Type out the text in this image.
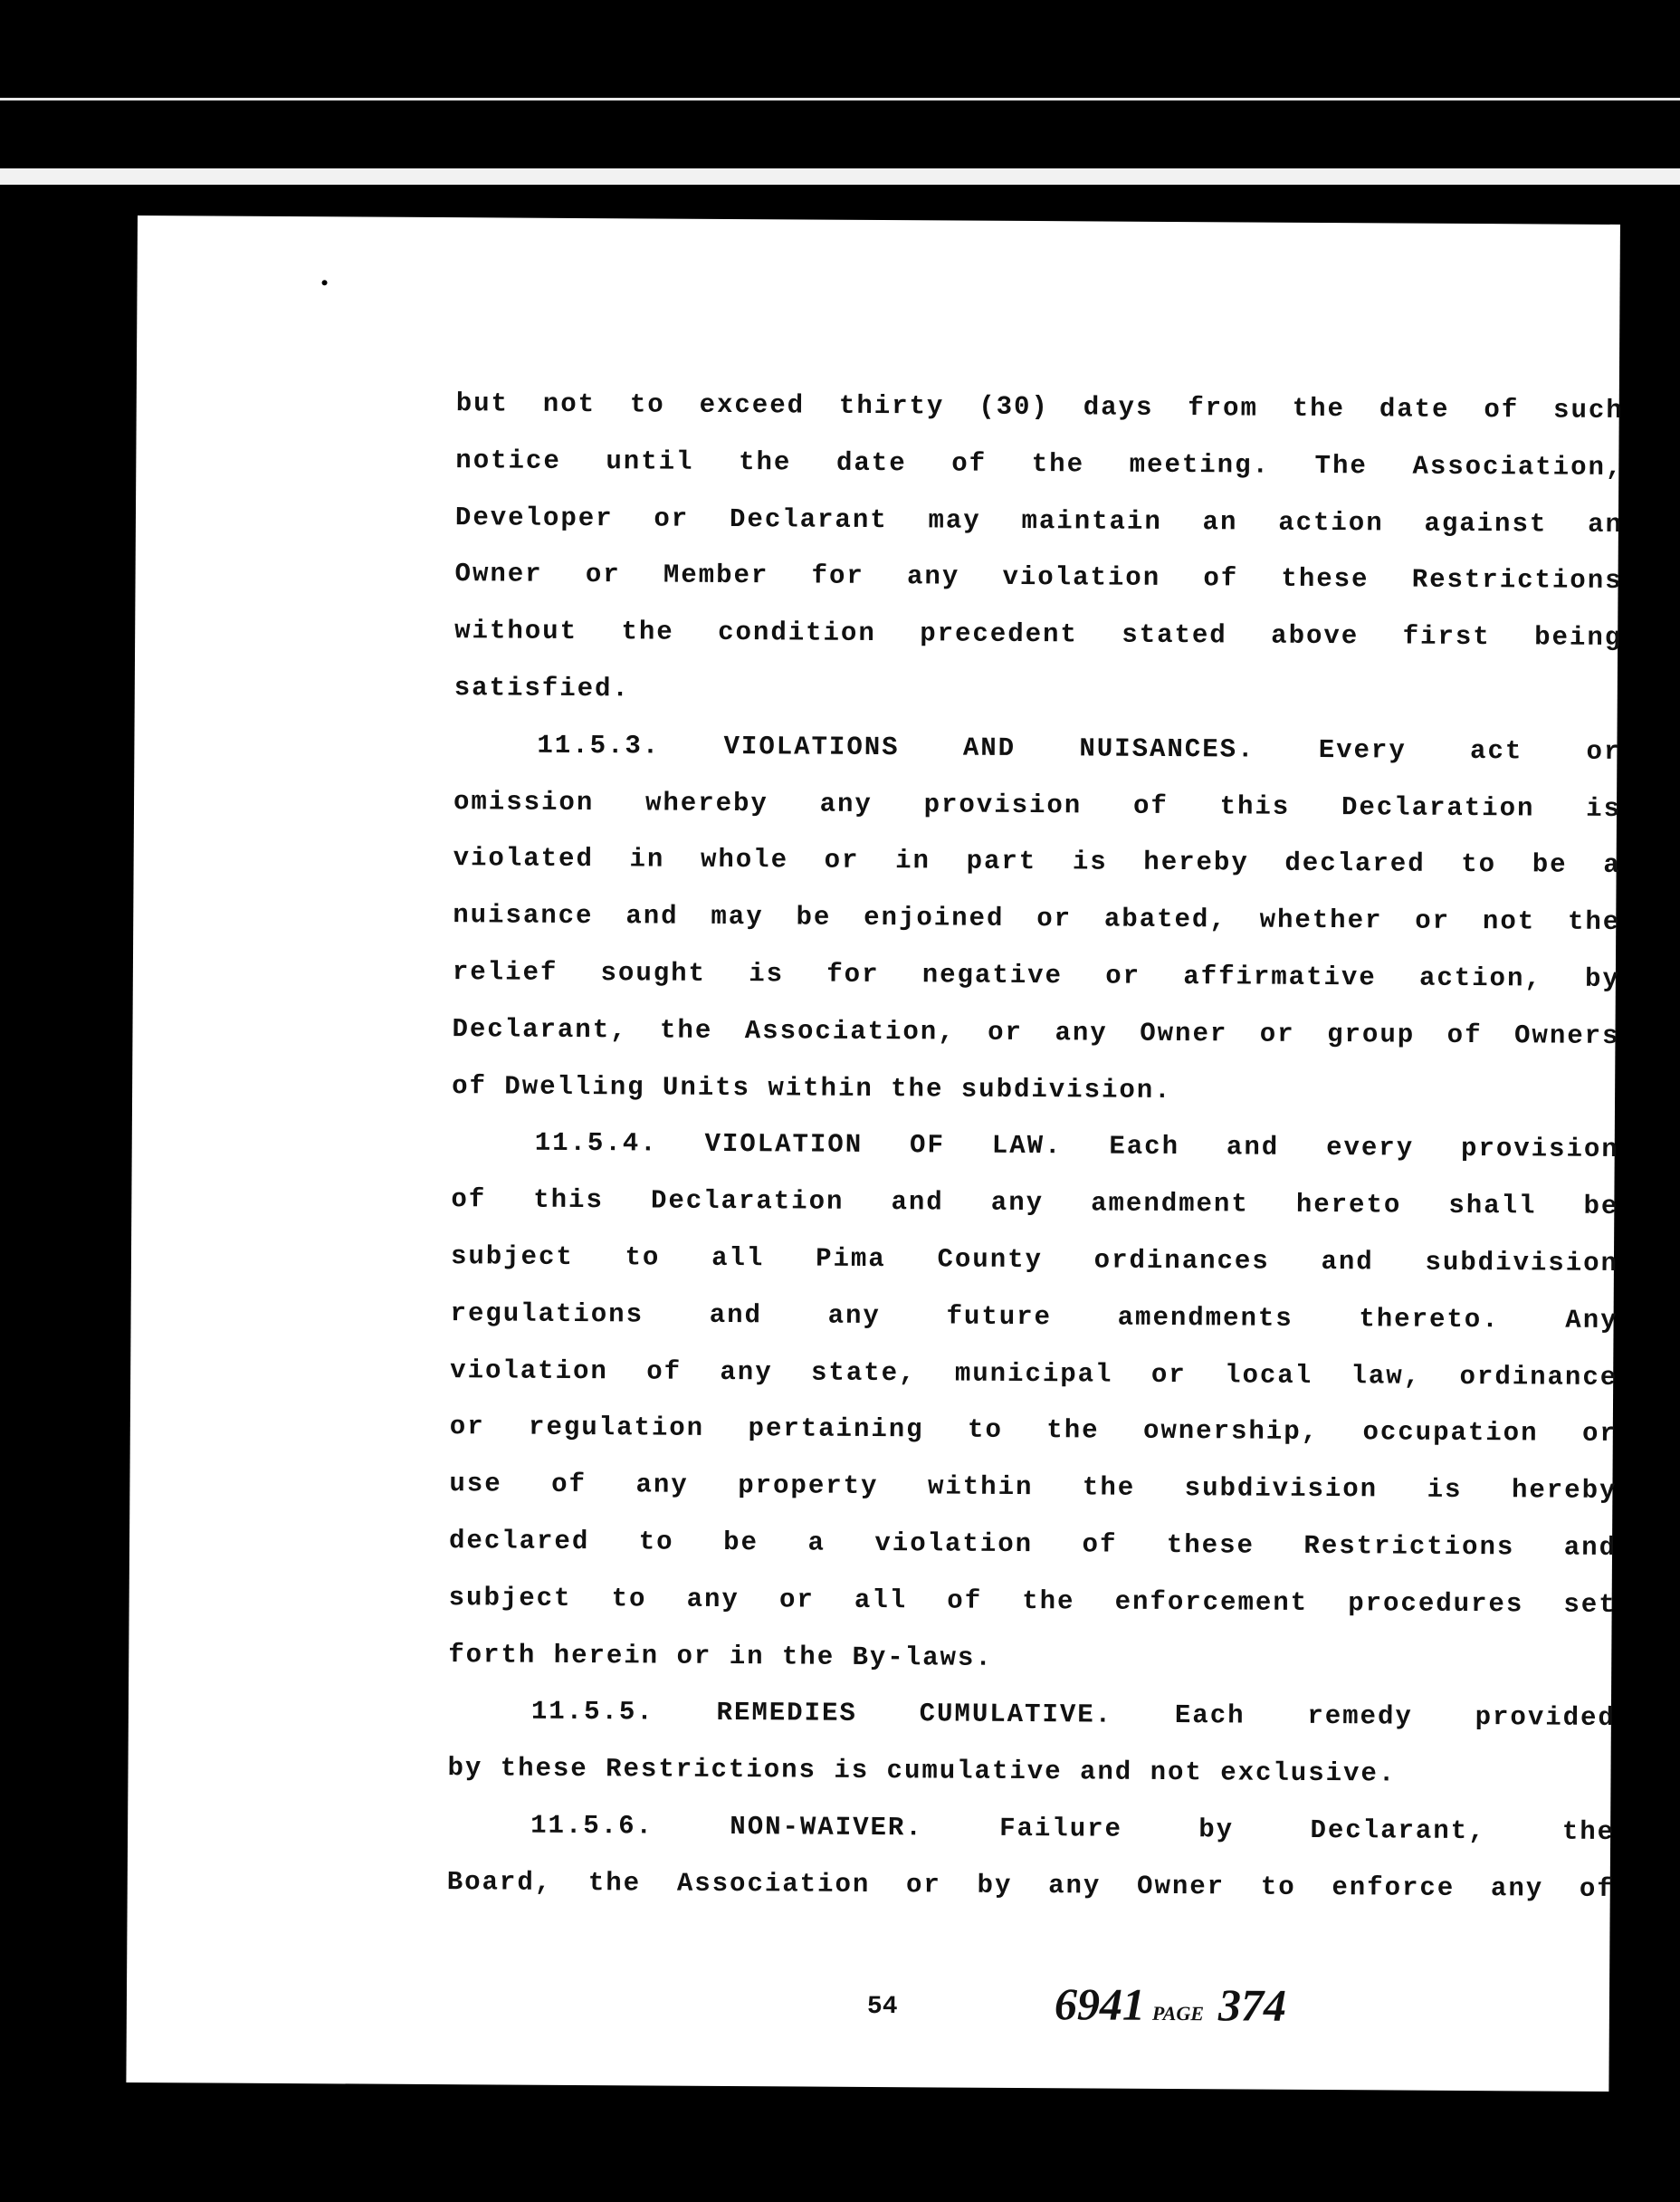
but not to exceed thirty (30) days from the date of such
notice until the date of the meeting. The Association,
Developer or Declarant may maintain an action against an
Owner or Member for any violation of these Restrictions
without the condition precedent stated above first being
satisfied.
11.5.3. VIOLATIONS AND NUISANCES. Every act or
omission whereby any provision of this Declaration is
violated in whole or in part is hereby declared to be a
nuisance and may be enjoined or abated, whether or not the
relief sought is for negative or affirmative action, by
Declarant, the Association, or any Owner or group of Owners
of Dwelling Units within the subdivision.
11.5.4. VIOLATION OF LAW. Each and every provision
of this Declaration and any amendment hereto shall be
subject to all Pima County ordinances and subdivision
regulations and any future amendments thereto. Any
violation of any state, municipal or local law, ordinance
or regulation pertaining to the ownership, occupation or
use of any property within the subdivision is hereby
declared to be a violation of these Restrictions and
subject to any or all of the enforcement procedures set
forth herein or in the By-laws.
11.5.5. REMEDIES CUMULATIVE. Each remedy provided
by these Restrictions is cumulative and not exclusive.
11.5.6. NON-WAIVER. Failure by Declarant, the
Board, the Association or by any Owner to enforce any of
54	6941 PAGE 374
